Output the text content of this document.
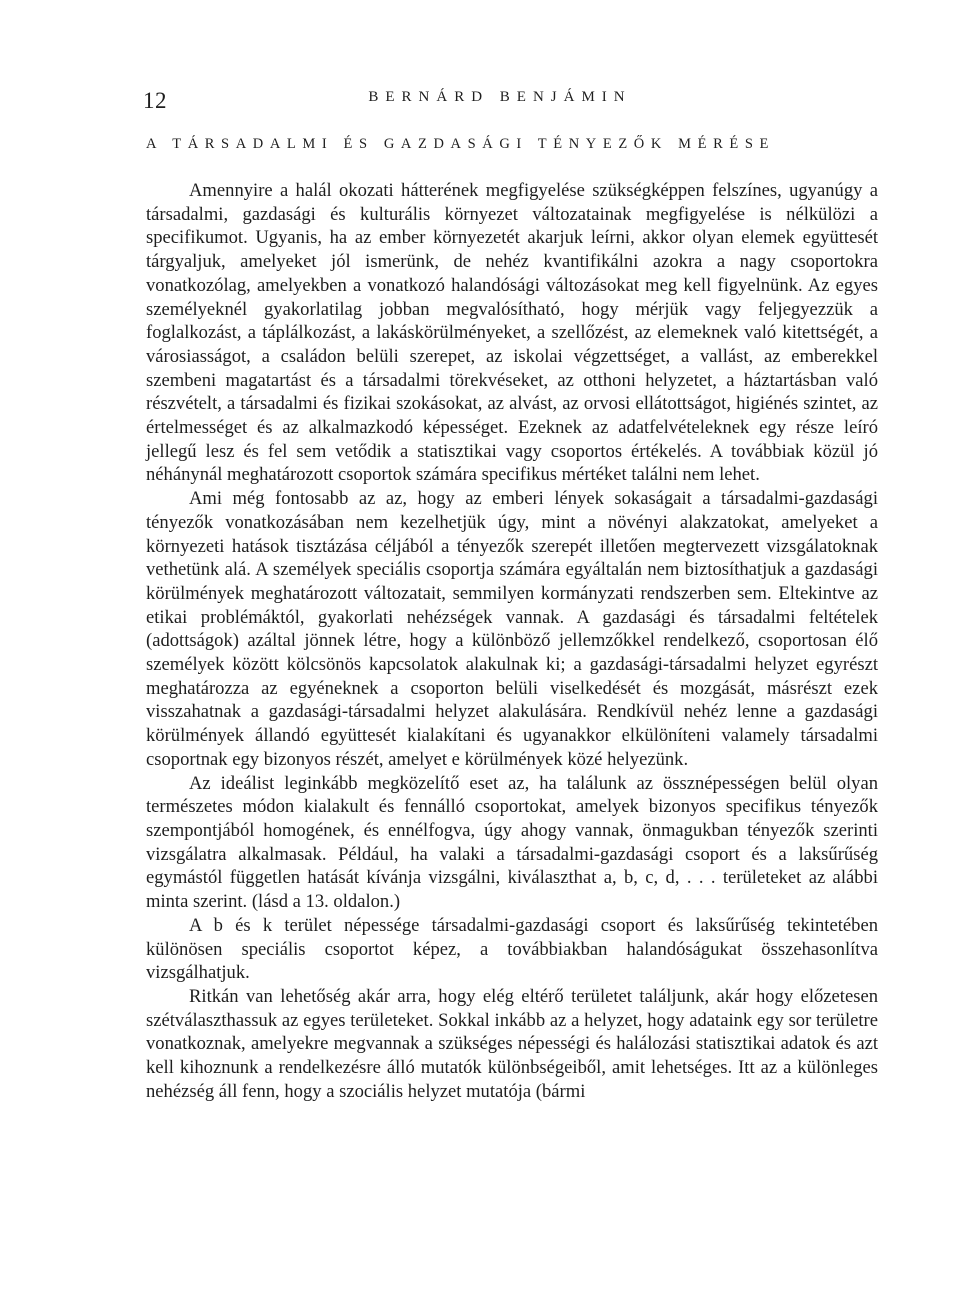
12	BERNÁRD BENJÁMIN
A TÁRSADALMI ÉS GAZDASÁGI TÉNYEZŐK MÉRÉSE

Amennyire a halál okozati hátterének megfigyelése szükségképpen felszínes, ugyanúgy a társadalmi, gazdasági és kulturális környezet változatainak megfigyelése is nélkülözi a specifikumot. Ugyanis, ha az ember környezetét akarjuk leírni, akkor olyan elemek együttesét tárgyaljuk, amelyeket jól ismerünk, de nehéz kvantifikálni azokra a nagy csoportokra vonatkozólag, amelyekben a vonatkozó halandósági változásokat meg kell figyelnünk. Az egyes személyeknél gyakorlatilag jobban megvalósítható, hogy mérjük vagy feljegyezzük a foglalkozást, a táplálkozást, a lakáskörülményeket, a szellőzést, az elemeknek való kitettségét, a városiasságot, a családon belüli szerepet, az iskolai végzettséget, a vallást, az emberekkel szembeni magatartást és a társadalmi törekvéseket, az otthoni helyzetet, a háztartásban való részvételt, a társadalmi és fizikai szokásokat, az alvást, az orvosi ellátottságot, higiénés szintet, az értelmességet és az alkalmazkodó képességet. Ezeknek az adatfelvételeknek egy része leíró jellegű lesz és fel sem vetődik a statisztikai vagy csoportos értékelés. A továbbiak közül jó néhánynál meghatározott csoportok számára specifikus mértéket találni nem lehet.

Ami még fontosabb az az, hogy az emberi lények sokaságait a társadalmi-gazdasági tényezők vonatkozásában nem kezelhetjük úgy, mint a növényi alakzatokat, amelyeket a környezeti hatások tisztázása céljából a tényezők szerepét illetően megtervezett vizsgálatoknak vethetünk alá. A személyek speciális csoportja számára egyáltalán nem biztosíthatjuk a gazdasági körülmények meghatározott változatait, semmilyen kormányzati rendszerben sem. Eltekintve az etikai problémáktól, gyakorlati nehézségek vannak. A gazdasági és társadalmi feltételek (adottságok) azáltal jönnek létre, hogy a különböző jellemzőkkel rendelkező, csoportosan élő személyek között kölcsönös kapcsolatok alakulnak ki; a gazdasági-társadalmi helyzet egyrészt meghatározza az egyéneknek a csoporton belüli viselkedését és mozgását, másrészt ezek visszahatnak a gazdasági-társadalmi helyzet alakulására. Rendkívül nehéz lenne a gazdasági körülmények állandó együttesét kialakítani és ugyanakkor elkülöníteni valamely társadalmi csoportnak egy bizonyos részét, amelyet e körülmények közé helyezünk.

Az ideálist leginkább megközelítő eset az, ha találunk az össznépességen belül olyan természetes módon kialakult és fennálló csoportokat, amelyek bizonyos specifikus tényezők szempontjából homogének, és ennélfogva, úgy ahogy vannak, önmagukban tényezők szerinti vizsgálatra alkalmasak. Például, ha valaki a társadalmi-gazdasági csoport és a laksűrűség egymástól független hatását kívánja vizsgálni, kiválaszthat a, b, c, d, . . . területeket az alábbi minta szerint. (lásd a 13. oldalon.)

A b és k terület népessége társadalmi-gazdasági csoport és laksűrűség tekintetében különösen speciális csoportot képez, a továbbiakban halandóságukat összehasonlítva vizsgálhatjuk.

Ritkán van lehetőség akár arra, hogy elég eltérő területet találjunk, akár hogy előzetesen szétválaszthassuk az egyes területeket. Sokkal inkább az a helyzet, hogy adataink egy sor területre vonatkoznak, amelyekre megvannak a szükséges népességi és halálozási statisztikai adatok és azt kell kihoznunk a rendelkezésre álló mutatók különbségeiből, amit lehetséges. Itt az a különleges nehézség áll fenn, hogy a szociális helyzet mutatója (bármi
